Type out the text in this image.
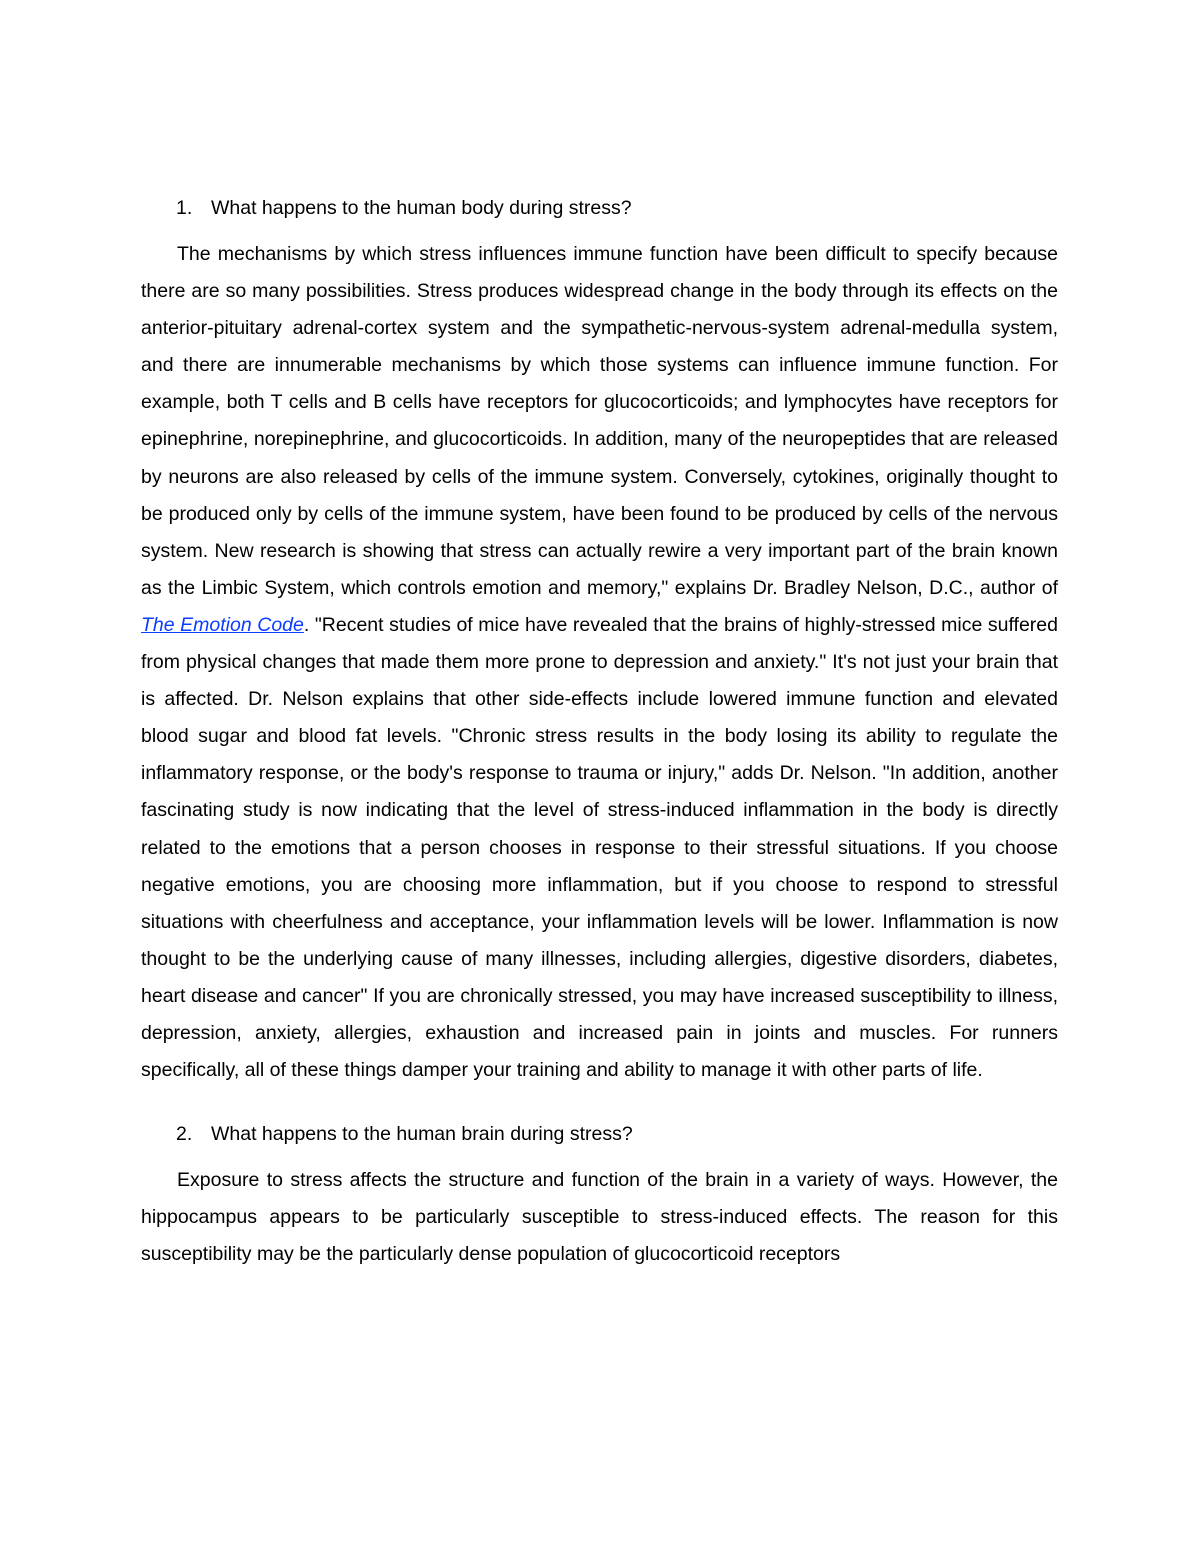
1. What happens to the human body during stress?

The mechanisms by which stress influences immune function have been difficult to specify because there are so many possibilities. Stress produces widespread change in the body through its effects on the anterior-pituitary adrenal-cortex system and the sympathetic-nervous-system adrenal-medulla system, and there are innumerable mechanisms by which those systems can influence immune function. For example, both T cells and B cells have receptors for glucocorticoids; and lymphocytes have receptors for epinephrine, norepinephrine, and glucocorticoids. In addition, many of the neuropeptides that are released by neurons are also released by cells of the immune system. Conversely, cytokines, originally thought to be produced only by cells of the immune system, have been found to be produced by cells of the nervous system. New research is showing that stress can actually rewire a very important part of the brain known as the Limbic System, which controls emotion and memory," explains Dr. Bradley Nelson, D.C., author of The Emotion Code. "Recent studies of mice have revealed that the brains of highly-stressed mice suffered from physical changes that made them more prone to depression and anxiety." It's not just your brain that is affected. Dr. Nelson explains that other side-effects include lowered immune function and elevated blood sugar and blood fat levels. "Chronic stress results in the body losing its ability to regulate the inflammatory response, or the body's response to trauma or injury," adds Dr. Nelson. "In addition, another fascinating study is now indicating that the level of stress-induced inflammation in the body is directly related to the emotions that a person chooses in response to their stressful situations. If you choose negative emotions, you are choosing more inflammation, but if you choose to respond to stressful situations with cheerfulness and acceptance, your inflammation levels will be lower. Inflammation is now thought to be the underlying cause of many illnesses, including allergies, digestive disorders, diabetes, heart disease and cancer" If you are chronically stressed, you may have increased susceptibility to illness, depression, anxiety, allergies, exhaustion and increased pain in joints and muscles. For runners specifically, all of these things damper your training and ability to manage it with other parts of life.

2. What happens to the human brain during stress?

Exposure to stress affects the structure and function of the brain in a variety of ways. However, the hippocampus appears to be particularly susceptible to stress-induced effects. The reason for this susceptibility may be the particularly dense population of glucocorticoid receptors
